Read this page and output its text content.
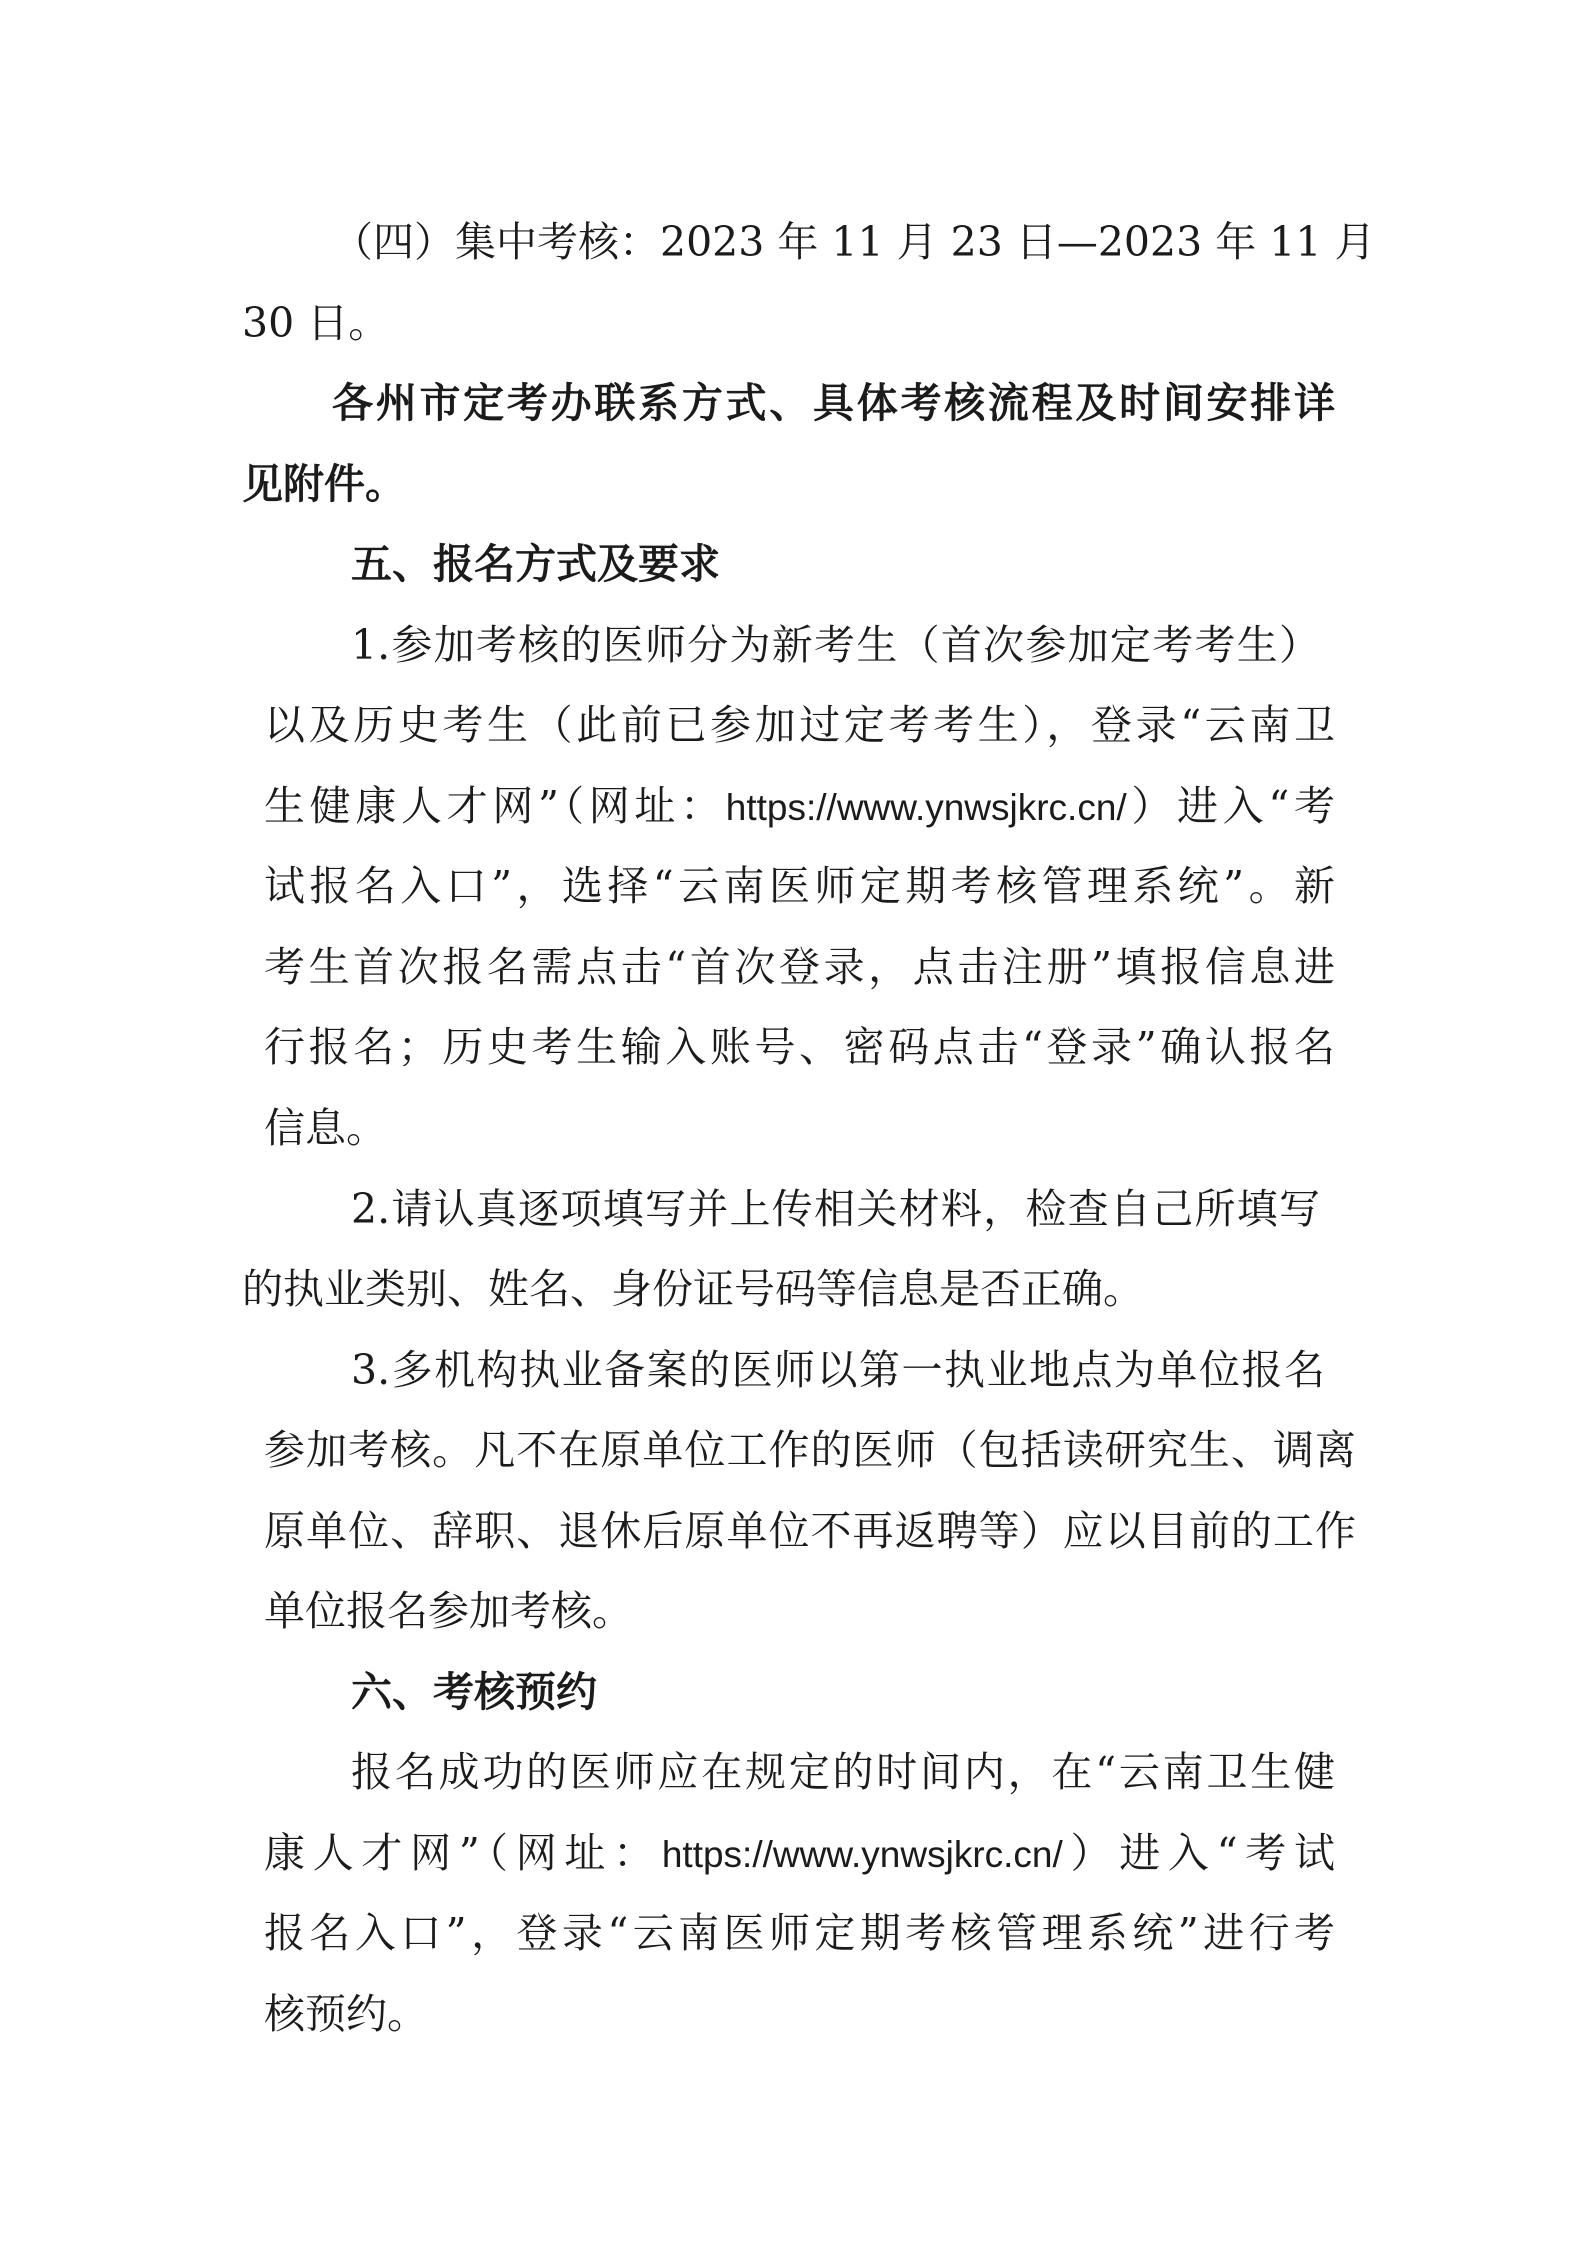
（四）集中考核：2023 年 11 月 23 日—2023 年 11 月
30 日。
各州市定考办联系方式、具体考核流程及时间安排详
见附件。
五、报名方式及要求
1.参加考核的医师分为新考生（首次参加定考考生）
以及历史考生（此前已参加过定考考生），登录“云南卫
生健康人才网”（网址：https://www.ynwsjkrc.cn/）进入“考
试报名入口”，选择“云南医师定期考核管理系统”。新
考生首次报名需点击“首次登录，点击注册”填报信息进
行报名；历史考生输入账号、密码点击“登录”确认报名
信息。
2.请认真逐项填写并上传相关材料，检查自己所填写
的执业类别、姓名、身份证号码等信息是否正确。
3.多机构执业备案的医师以第一执业地点为单位报名
参加考核。凡不在原单位工作的医师（包括读研究生、调离
原单位、辞职、退休后原单位不再返聘等）应以目前的工作
单位报名参加考核。
六、考核预约
报名成功的医师应在规定的时间内，在“云南卫生健
康人才网”（网址：https://www.ynwsjkrc.cn/）进入“考试
报名入口”，登录“云南医师定期考核管理系统”进行考
核预约。
